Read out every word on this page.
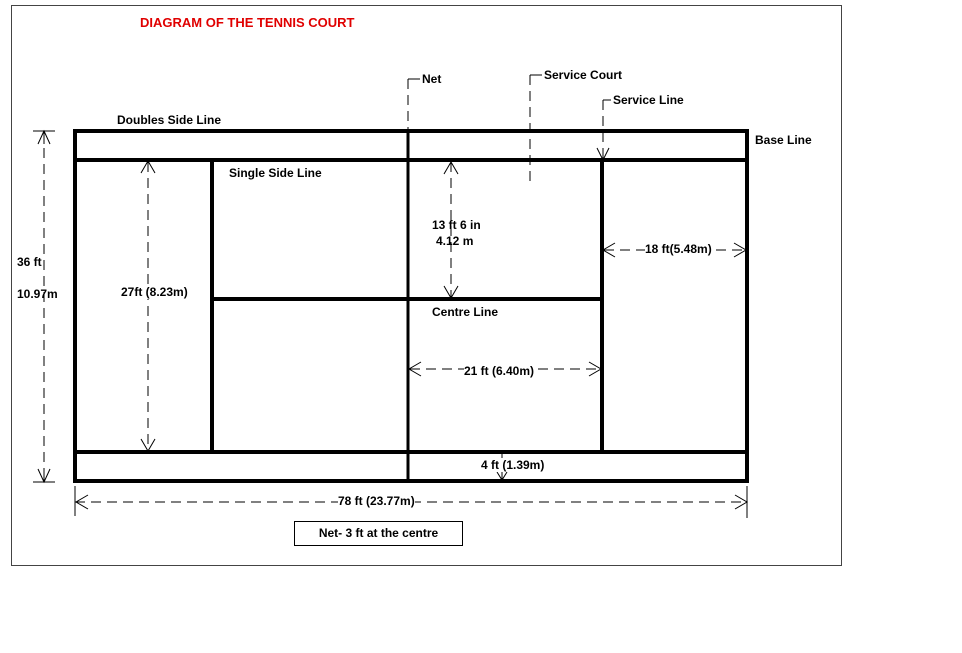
DIAGRAM OF THE TENNIS COURT
Net	Service Court
Service Line
Doubles Side Line
Base Line
Single Side Line
Centre Line
36 ft
10.97m	27ft (8.23m)
13 ft 6 in
4.12 m
18 ft(5.48m)
21 ft (6.40m)
4 ft (1.39m)
78 ft (23.77m)
Net- 3 ft at the centre
